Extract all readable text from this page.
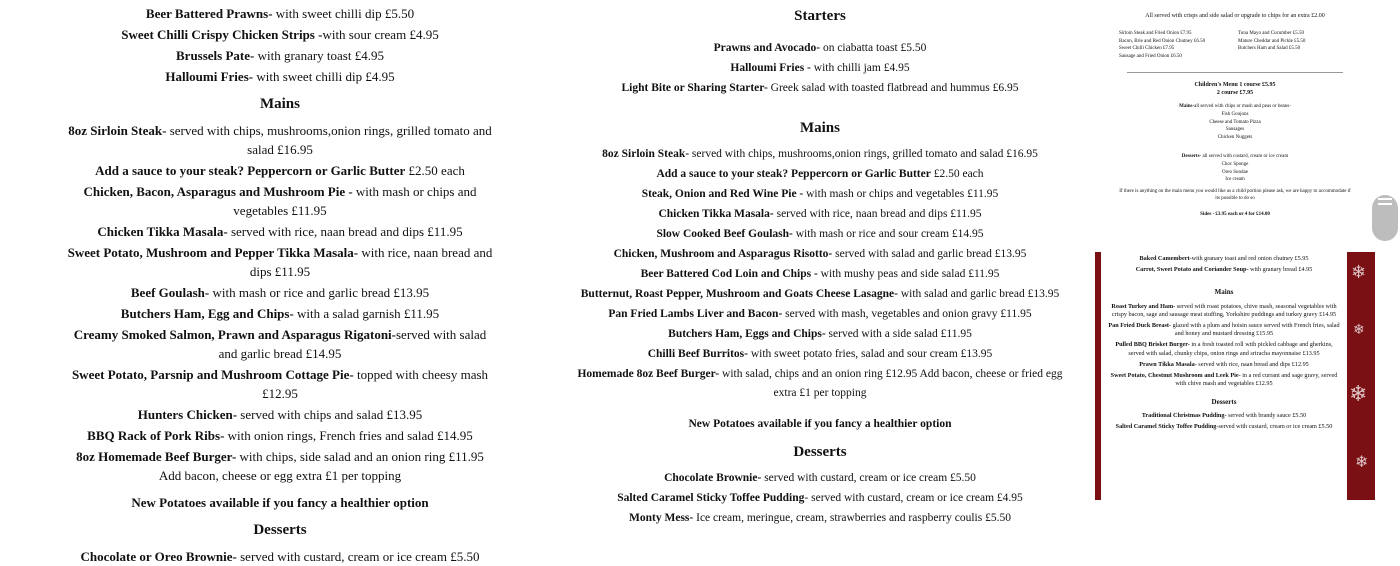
Beer Battered Prawns- with sweet chilli dip £5.50
Sweet Chilli Crispy Chicken Strips -with sour cream £4.95
Brussels Pate- with granary toast £4.95
Halloumi Fries- with sweet chilli dip £4.95
Mains
8oz Sirloin Steak- served with chips, mushrooms,onion rings, grilled tomato and salad £16.95
Add a sauce to your steak? Peppercorn or Garlic Butter £2.50 each
Chicken, Bacon, Asparagus and Mushroom Pie - with mash or chips and vegetables £11.95
Chicken Tikka Masala- served with rice, naan bread and dips £11.95
Sweet Potato, Mushroom and Pepper Tikka Masala- with rice, naan bread and dips £11.95
Beef Goulash- with mash or rice and garlic bread £13.95
Butchers Ham, Egg and Chips- with a salad garnish £11.95
Creamy Smoked Salmon, Prawn and Asparagus Rigatoni-served with salad and garlic bread £14.95
Sweet Potato, Parsnip and Mushroom Cottage Pie- topped with cheesy mash £12.95
Hunters Chicken- served with chips and salad £13.95
BBQ Rack of Pork Ribs- with onion rings, French fries and salad £14.95
8oz Homemade Beef Burger- with chips, side salad and an onion ring £11.95 Add bacon, cheese or egg extra £1 per topping
New Potatoes available if you fancy a healthier option
Desserts
Chocolate or Oreo Brownie- served with custard, cream or ice cream £5.50
Starters
Prawns and Avocado- on ciabatta toast £5.50
Halloumi Fries - with chilli jam £4.95
Light Bite or Sharing Starter- Greek salad with toasted flatbread and hummus £6.95
Mains
8oz Sirloin Steak- served with chips, mushrooms,onion rings, grilled tomato and salad £16.95
Add a sauce to your steak? Peppercorn or Garlic Butter £2.50 each
Steak, Onion and Red Wine Pie - with mash or chips and vegetables £11.95
Chicken Tikka Masala- served with rice, naan bread and dips £11.95
Slow Cooked Beef Goulash- with mash or rice and sour cream £14.95
Chicken, Mushroom and Asparagus Risotto- served with salad and garlic bread £13.95
Beer Battered Cod Loin and Chips - with mushy peas and side salad £11.95
Butternut, Roast Pepper, Mushroom and Goats Cheese Lasagne- with salad and garlic bread £13.95
Pan Fried Lambs Liver and Bacon- served with mash, vegetables and onion gravy £11.95
Butchers Ham, Eggs and Chips- served with a side salad £11.95
Chilli Beef Burritos- with sweet potato fries, salad and sour cream £13.95
Homemade 8oz Beef Burger- with salad, chips and an onion ring £12.95 Add bacon, cheese or fried egg extra £1 per topping
New Potatoes available if you fancy a healthier option
Desserts
Chocolate Brownie- served with custard, cream or ice cream £5.50
Salted Caramel Sticky Toffee Pudding- served with custard, cream or ice cream £4.95
Monty Mess- Ice cream, meringue, cream, strawberries and raspberry coulis £5.50
All served with crisps and side salad or upgrade to chips for an extra £2.00
Sirloin Steak and Fried Onion £7.95	Tuna Mayo and Cucumber £5.50
Bacon, Brie and Red Onion Chutney £6.50	Mature Cheddar and Pickle £5.50
Sweet Chilli Chicken £7.95	Butchers Ham and Salad £5.50
Sausage and Fried Onion £6.50
Children's Menu 1 course £5.95
2 course £7.95
Mains-all served with chips or mash and peas or beans-
Fish Goujons
Cheese and Tomato Pizza
Sausages
Chicken Nuggets
Desserts- all served with custard, cream or ice cream
Choc Sponge
Oreo Sundae
Ice cream
If there is anything on the main menu you would like as a child portion please ask, we are happy to accommodate if its possible to do so
Sides - £3.95 each or 4 for £14.00
Baked Camembert-with granary toast and red onion chutney £5.95
Carrot, Sweet Potato and Coriander Soup- with granary bread £4.95
Mains
Roast Turkey and Ham- served with roast potatoes, chive mash, seasonal vegetables with crispy bacon, sage and sausage meat stuffing, Yorkshire puddings and turkey gravy £14.95
Pan Fried Duck Breast- glazed with a plum and hoisin sauce served with French fries, salad and honey and mustard dressing £15.95
Pulled BBQ Brisket Burger- in a fresh toasted roll with pickled cabbage and gherkins, served with salad, chunky chips, onion rings and sriracha mayonnaise £13.95
Prawn Tikka Masala- served with rice, naan bread and dips £12.95
Sweet Potato, Chestnut Mushroom and Leek Pie- in a red currant and sage gravy, served with chive mash and vegetables £12.95
Desserts
Traditional Christmas Pudding- served with brandy sauce £5.50
Salted Caramel Sticky Toffee Pudding-served with custard, cream or ice cream £5.50
❄
❄
❄
❄
